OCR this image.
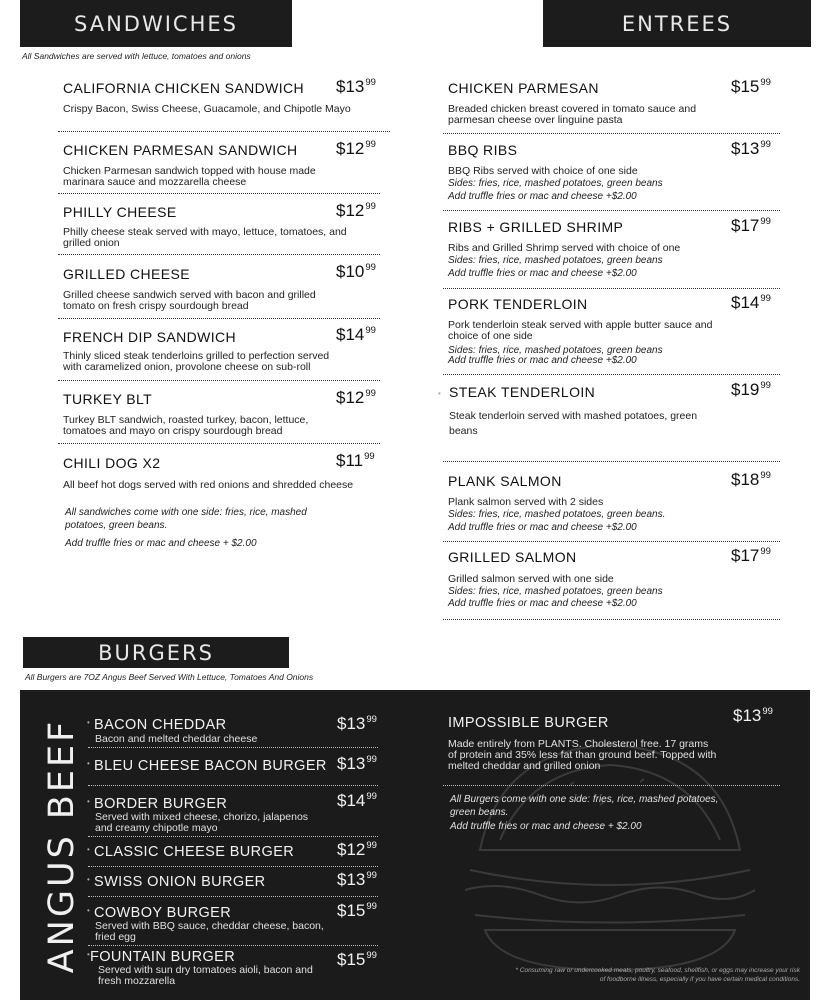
SANDWICHES
All Sandwiches are served with lettuce, tomatoes and onions
CALIFORNIA CHICKEN SANDWICH $\$13^{99}$
Crispy Bacon, Swiss Cheese, Guacamole, and Chipotle Mayo
CHICKEN PARMESAN SANDWICH $\$12^{99}$
Chicken Parmesan sandwich topped with house made marinara sauce and mozzarella cheese
PHILLY CHEESE	$\$12^{99}$
Philly cheese steak served with mayo, lettuce, tomatoes, and grilled onion
GRILLED CHEESE	$\$10^{99}$
Grilled cheese sandwich served with bacon and grilled tomato on fresh crispy sourdough bread
FRENCH DIP SANDWICH	$\$14^{99}$
Thinly sliced steak tenderloins grilled to perfection served with caramelized onion, provolone cheese on sub-roll
TURKEY BLT	$\$12^{99}$
Turkey BLT sandwich, roasted turkey, bacon, lettuce, tomatoes and mayo on crispy sourdough bread
CHILI DOG X2	$\$11^{99}$
All beef hot dogs served with red onions and shredded cheese
All sandwiches come with one side: fries, rice, mashed potatoes, green beans.
Add truffle fries or mac and cheese + $2.00
ENTREES
CHICKEN PARMESAN	$\$15^{99}$
Breaded chicken breast covered in tomato sauce and parmesan cheese over linguine pasta
BBQ RIBS	$\$13^{99}$
BBQ Ribs served with choice of one side
Sides: fries, rice, mashed potatoes, green beans
Add truffle fries or mac and cheese +$2.00
RIBS + GRILLED SHRIMP	$\$17^{99}$
Ribs and Grilled Shrimp served with choice of one
Sides: fries, rice, mashed potatoes, green beans
Add truffle fries or mac and cheese +$2.00
PORK TENDERLOIN	$\$14^{99}$
Pork tenderloin steak served with apple butter sauce and choice of one side
Sides: fries, rice, mashed potatoes, green beans
Add truffle fries or mac and cheese +$2.00
• STEAK TENDERLOIN	$\$19^{99}$
Steak tenderloin served with mashed potatoes, green beans
PLANK SALMON	$\$18^{99}$
Plank salmon served with 2 sides
Sides: fries, rice, mashed potatoes, green beans.
Add truffle fries or mac and cheese +$2.00
GRILLED SALMON	$\$17^{99}$
Grilled salmon served with one side
Sides: fries, rice, mashed potatoes, green beans
Add truffle fries or mac and cheese +$2.00
BURGERS
All Burgers are 7OZ Angus Beef Served With Lettuce, Tomatoes And Onions
ANGUS BEEF • BACON CHEDDAR
Bacon and melted cheddar cheese
$\$13^{99}$
• BLEU CHEESE BACON BURGER $\$13^{99}$
• BORDER BURGER
Served with mixed cheese, chorizo, jalapenos and creamy chipotle mayo
$\$14^{99}$
• CLASSIC CHEESE BURGER	$\$12^{99}$
• SWISS ONION BURGER	$\$13^{99}$
• COWBOY BURGER
Served with BBQ sauce, cheddar cheese, bacon, fried egg
$\$15^{99}$
• FOUNTAIN BURGER
Served with sun dry tomatoes aioli, bacon and fresh mozzarella
$\$15^{99}$
IMPOSSIBLE BURGER	$\$13^{99}$
Made entirely from PLANTS. Cholesterol free. 17 grams of protein and 35% less fat than ground beef. Topped with melted cheddar and grilled onion
All Burgers come with one side: fries, rice, mashed potatoes, green beans.
Add truffle fries or mac and cheese + $2.00
* Consuming raw or undercooked meats, poultry, seafood, shellfish, or eggs may increase your risk of foodborne illness, especially if you have certain medical conditions.
